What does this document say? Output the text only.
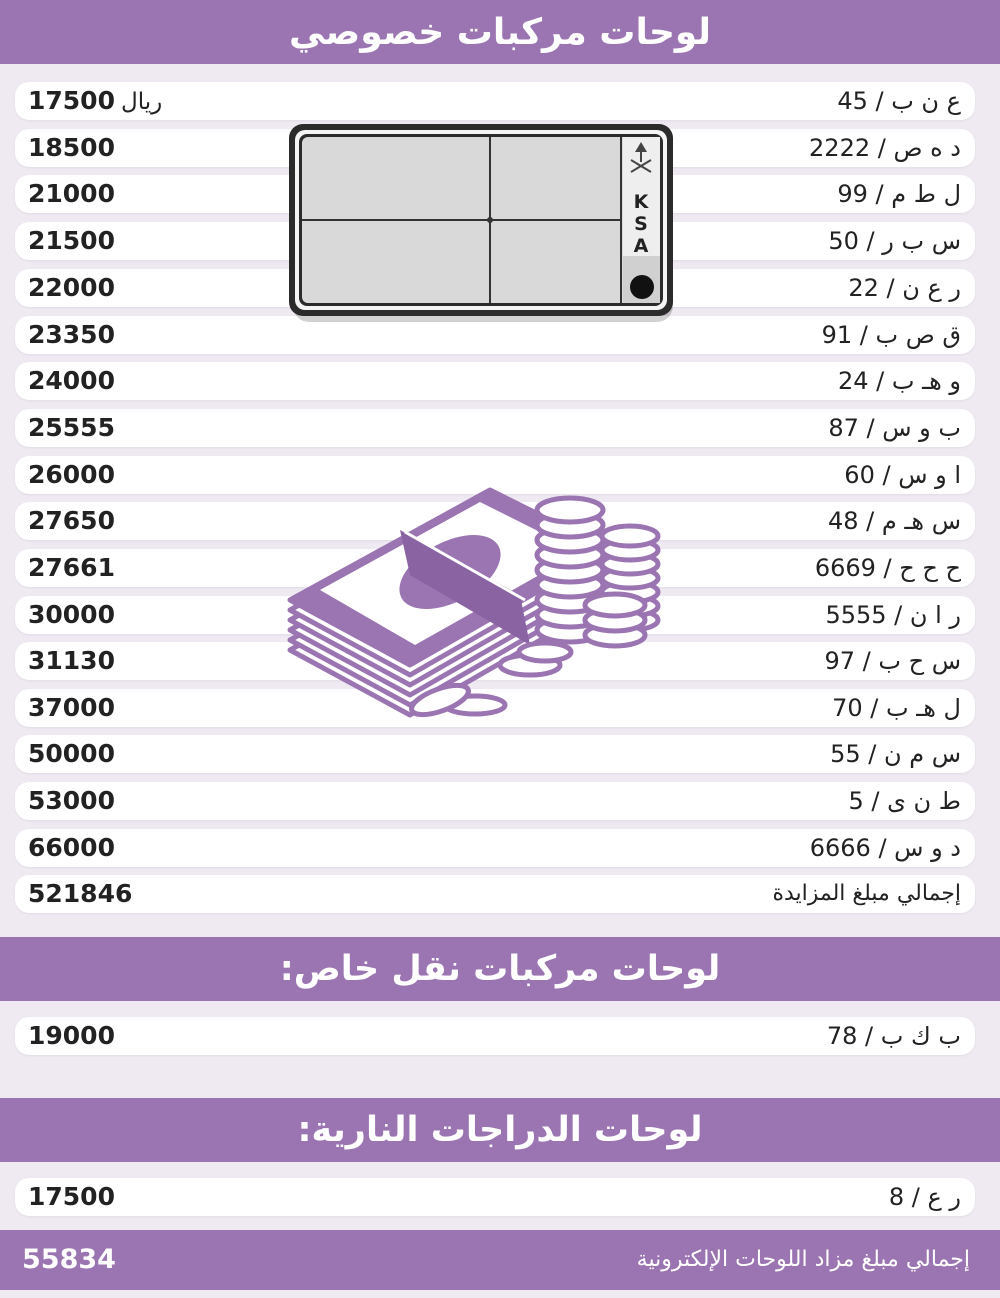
لوحات مركبات خصوصي
17500 ريال	ع ن ب / 45
18500	د ه ص / 2222
21000	ل ط م / 99
21500	س ب ر / 50
22000	ر ع ن / 22
23350	ق ص ب / 91
24000	و هـ ب / 24
25555	ب و س / 87
26000	ا و س / 60
27650	س هـ م / 48
27661	ح ح ح / 6669
30000	ر ا ن / 5555
31130	س ح ب / 97
37000	ل هـ ب / 70
50000	س م ن / 55
53000	ط ن ى / 5
66000	د و س / 6666
521846	إجمالي مبلغ المزايدة
K
S
A
لوحات مركبات نقل خاص:
19000	ب ك ب / 78
لوحات الدراجات النارية:
17500	ر ع / 8
55834	إجمالي مبلغ مزاد اللوحات الإلكترونية
